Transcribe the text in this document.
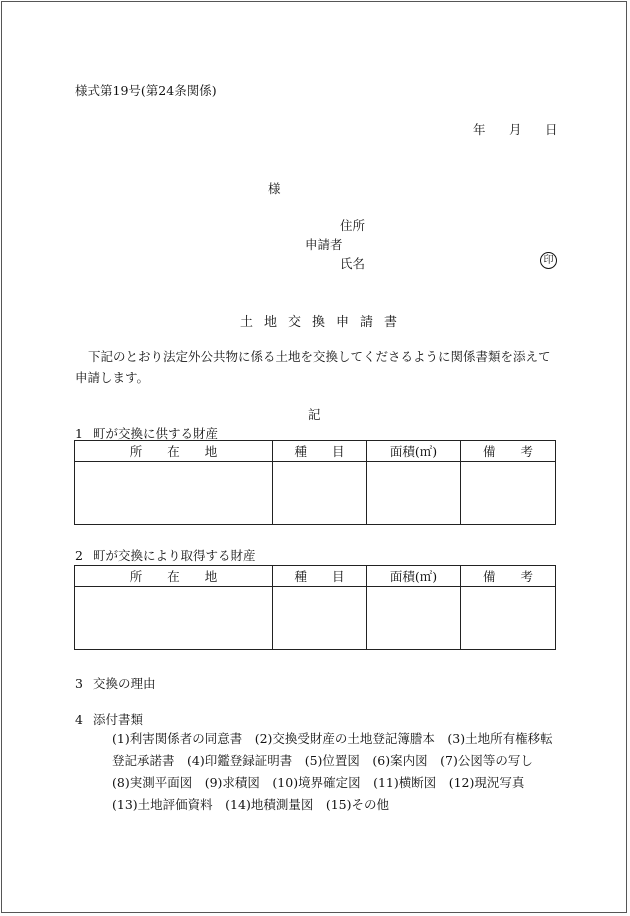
様式第19号(第24条関係)
年 月 日
様
住所
申請者
氏名	印
土地交換申請書
下記のとおり法定外公共物に係る土地を交換してくださるように関係書類を添えて申請します。
記
1 町が交換に供する財産
所　　在　　地	種　　目	面積(㎡)	備　　考

2 町が交換により取得する財産
所　　在　　地	種　　目	面積(㎡)	備　　考

3 交換の理由
4 添付書類
(1)利害関係者の同意書　(2)交換受財産の土地登記簿謄本　(3)土地所有権移転登記承諾書　(4)印鑑登録証明書　(5)位置図　(6)案内図　(7)公図等の写し　(8)実測平面図　(9)求積図　(10)境界確定図　(11)横断図　(12)現況写真　(13)土地評価資料　(14)地積測量図　(15)その他
